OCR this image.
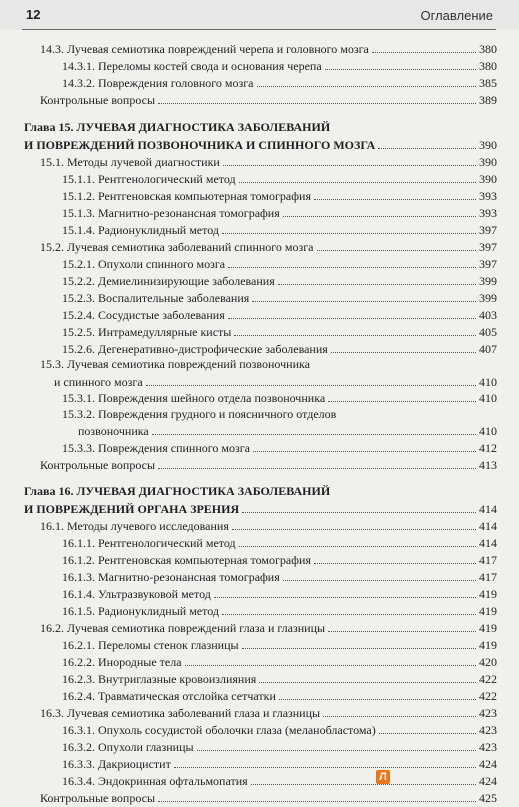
12	Оглавление
14.3. Лучевая семиотика повреждений черепа и головного мозга	380
14.3.1. Переломы костей свода и основания черепа	380
14.3.2. Повреждения головного мозга	385
Контрольные вопросы	389
Глава 15. ЛУЧЕВАЯ ДИАГНОСТИКА ЗАБОЛЕВАНИЙ
И ПОВРЕЖДЕНИЙ ПОЗВОНОЧНИКА И СПИННОГО МОЗГА	390
15.1. Методы лучевой диагностики	390
15.1.1. Рентгенологический метод	390
15.1.2. Рентгеновская компьютерная томография	393
15.1.3. Магнитно-резонансная томография	393
15.1.4. Радионуклидный метод	397
15.2. Лучевая семиотика заболеваний спинного мозга	397
15.2.1. Опухоли спинного мозга	397
15.2.2. Демиелинизирующие заболевания	399
15.2.3. Воспалительные заболевания	399
15.2.4. Сосудистые заболевания	403
15.2.5. Интрамедуллярные кисты	405
15.2.6. Дегенеративно-дистрофические заболевания	407
15.3. Лучевая семиотика повреждений позвоночника
и спинного мозга	410
15.3.1. Повреждения шейного отдела позвоночника	410
15.3.2. Повреждения грудного и поясничного отделов
позвоночника	410
15.3.3. Повреждения спинного мозга	412
Контрольные вопросы	413
Глава 16. ЛУЧЕВАЯ ДИАГНОСТИКА ЗАБОЛЕВАНИЙ
И ПОВРЕЖДЕНИЙ ОРГАНА ЗРЕНИЯ	414
16.1. Методы лучевого исследования	414
16.1.1. Рентгенологический метод	414
16.1.2. Рентгеновская компьютерная томография	417
16.1.3. Магнитно-резонансная томография	417
16.1.4. Ультразвуковой метод	419
16.1.5. Радионуклидный метод	419
16.2. Лучевая семиотика повреждений глаза и глазницы	419
16.2.1. Переломы стенок глазницы	419
16.2.2. Инородные тела	420
16.2.3. Внутриглазные кровоизлияния	422
16.2.4. Травматическая отслойка сетчатки	422
16.3. Лучевая семиотика заболеваний глаза и глазницы	423
16.3.1. Опухоль сосудистой оболочки глаза (меланобластома)	423
16.3.2. Опухоли глазницы	423
16.3.3. Дакриоцистит	424
16.3.4. Эндокринная офтальмопатия	424
Контрольные вопросы	425
Л
